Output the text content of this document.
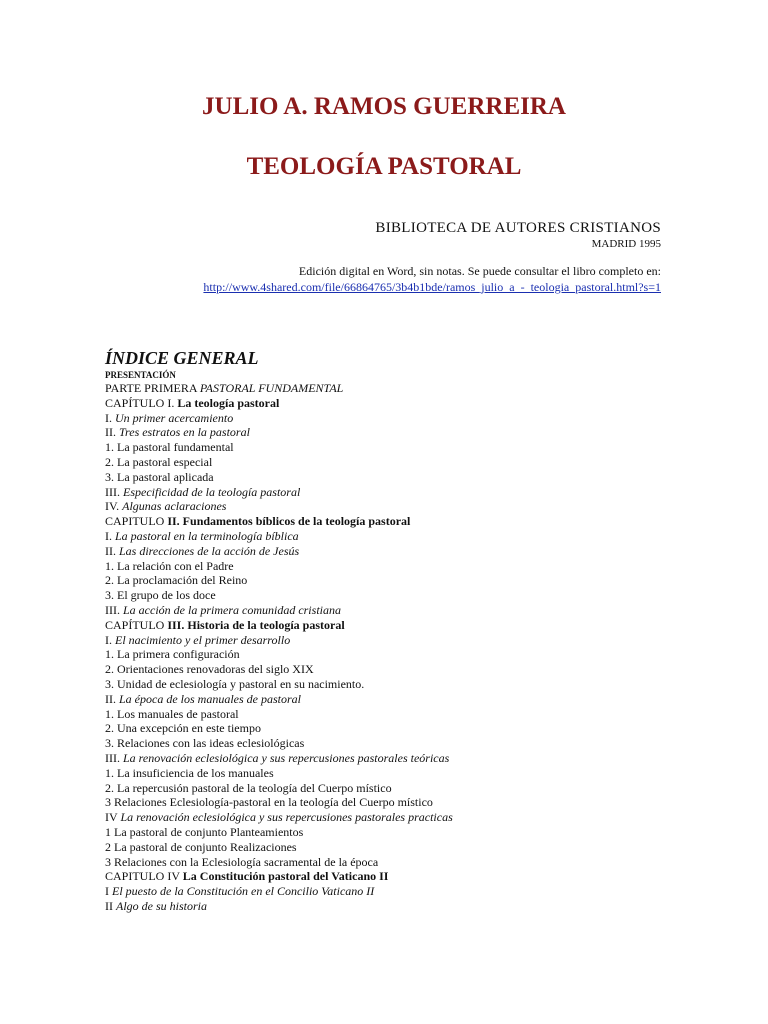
JULIO A. RAMOS GUERREIRA
TEOLOGÍA PASTORAL
BIBLIOTECA DE AUTORES CRISTIANOS
MADRID 1995
Edición digital en Word, sin notas. Se puede consultar el libro completo en:
http://www.4shared.com/file/66864765/3b4b1bde/ramos_julio_a_-_teologia_pastoral.html?s=1
ÍNDICE GENERAL
PRESENTACIÓN
PARTE PRIMERA PASTORAL FUNDAMENTAL
CAPÍTULO I. La teología pastoral
I. Un primer acercamiento
II. Tres estratos en la pastoral
1. La pastoral fundamental
2. La pastoral especial
3. La pastoral aplicada
III. Especificidad de la teología pastoral
IV. Algunas aclaraciones
CAPITULO II. Fundamentos bíblicos de la teología pastoral
I. La pastoral en la terminología bíblica
II. Las direcciones de la acción de Jesús
1. La relación con el Padre
2. La proclamación del Reino
3. El grupo de los doce
III. La acción de la primera comunidad cristiana
CAPÍTULO III. Historia de la teología pastoral
I. El nacimiento y el primer desarrollo
1. La primera configuración
2. Orientaciones renovadoras del siglo XIX
3. Unidad de eclesiología y pastoral en su nacimiento.
II. La época de los manuales de pastoral
1. Los manuales de pastoral
2. Una excepción en este tiempo
3. Relaciones con las ideas eclesiológicas
III. La renovación eclesiológica y sus repercusiones pastorales teóricas
1. La insuficiencia de los manuales
2. La repercusión pastoral de la teología del Cuerpo místico
3 Relaciones Eclesiología-pastoral en la teología del Cuerpo místico
IV La renovación eclesiológica y sus repercusiones pastorales practicas
1 La pastoral de conjunto Planteamientos
2 La pastoral de conjunto Realizaciones
3 Relaciones con la Eclesiología sacramental de la época
CAPITULO IV La Constitución pastoral del Vaticano II
I El puesto de la Constitución en el Concilio Vaticano II
II Algo de su historia
